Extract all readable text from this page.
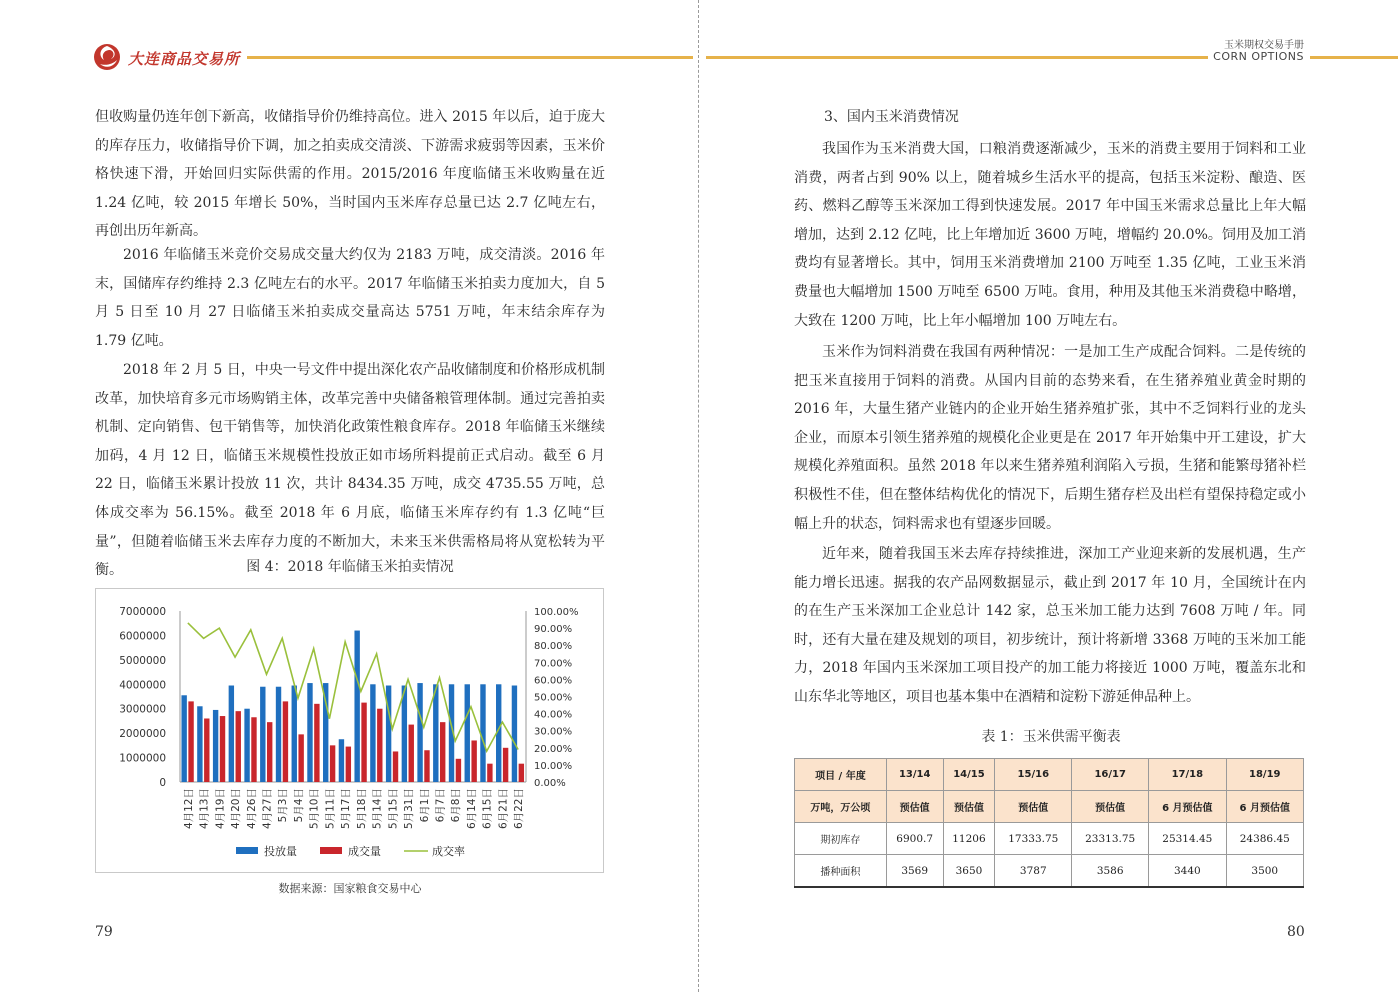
大连商品交易所
玉米期权交易手册
CORN OPTIONS

但收购量仍连年创下新高，收储指导价仍维持高位。进入 2015 年以后，迫于庞大的库存压力，收储指导价下调，加之拍卖成交清淡、下游需求疲弱等因素，玉米价格快速下滑，开始回归实际供需的作用。2015/2016 年度临储玉米收购量在近 1.24 亿吨，较 2015 年增长 50%，当时国内玉米库存总量已达 2.7 亿吨左右，再创出历年新高。

2016 年临储玉米竞价交易成交量大约仅为 2183 万吨，成交清淡。2016 年末，国储库存约维持 2.3 亿吨左右的水平。2017 年临储玉米拍卖力度加大，自 5 月 5 日至 10 月 27 日临储玉米拍卖成交量高达 5751 万吨，年末结余库存为 1.79 亿吨。

2018 年 2 月 5 日，中央一号文件中提出深化农产品收储制度和价格形成机制改革，加快培育多元市场购销主体，改革完善中央储备粮管理体制。通过完善拍卖机制、定向销售、包干销售等，加快消化政策性粮食库存。2018 年临储玉米继续加码，4 月 12 日，临储玉米规模性投放正如市场所料提前正式启动。截至 6 月 22 日，临储玉米累计投放 11 次，共计 8434.35 万吨，成交 4735.55 万吨，总体成交率为 56.15%。截至 2018 年 6 月底，临储玉米库存约有 1.3 亿吨“巨量”，但随着临储玉米去库存力度的不断加大，未来玉米供需格局将从宽松转为平衡。	图 4：2018 年临储玉米拍卖情况
0
1000000
2000000
3000000
4000000
5000000
6000000
7000000
0.00%
10.00%
20.00%
30.00%
40.00%
50.00%
60.00%
70.00%
80.00%
90.00%
100.00%
4月12日 4月13日 4月19日 4月20日 4月26日 4月27日 5月3日 5月4日 5月10日 5月11日 5月17日 5月18日 5月14日 5月15日 5月31日 6月1日 6月7日 6月8日 6月14日 6月15日 6月21日 6月22日
投放量	成交量	成交率
数据来源：国家粮食交易中心
79

3、国内玉米消费情况

我国作为玉米消费大国，口粮消费逐渐减少，玉米的消费主要用于饲料和工业消费，两者占到 90% 以上，随着城乡生活水平的提高，包括玉米淀粉、酿造、医药、燃料乙醇等玉米深加工得到快速发展。2017 年中国玉米需求总量比上年大幅增加，达到 2.12 亿吨，比上年增加近 3600 万吨，增幅约 20.0%。饲用及加工消费均有显著增长。其中，饲用玉米消费增加 2100 万吨至 1.35 亿吨，工业玉米消费量也大幅增加 1500 万吨至 6500 万吨。食用，种用及其他玉米消费稳中略增，大致在 1200 万吨，比上年小幅增加 100 万吨左右。

玉米作为饲料消费在我国有两种情况：一是加工生产成配合饲料。二是传统的把玉米直接用于饲料的消费。从国内目前的态势来看，在生猪养殖业黄金时期的 2016 年，大量生猪产业链内的企业开始生猪养殖扩张，其中不乏饲料行业的龙头企业，而原本引领生猪养殖的规模化企业更是在 2017 年开始集中开工建设，扩大规模化养殖面积。虽然 2018 年以来生猪养殖利润陷入亏损，生猪和能繁母猪补栏积极性不佳，但在整体结构优化的情况下，后期生猪存栏及出栏有望保持稳定或小幅上升的状态，饲料需求也有望逐步回暖。

近年来，随着我国玉米去库存持续推进，深加工产业迎来新的发展机遇，生产能力增长迅速。据我的农产品网数据显示，截止到 2017 年 10 月，全国统计在内的在生产玉米深加工企业总计 142 家，总玉米加工能力达到 7608 万吨 / 年。同时，还有大量在建及规划的项目，初步统计，预计将新增 3368 万吨的玉米加工能力，2018 年国内玉米深加工项目投产的加工能力将接近 1000 万吨，覆盖东北和山东华北等地区，项目也基本集中在酒精和淀粉下游延伸品种上。

表 1：玉米供需平衡表
项目 / 年度	13/14	14/15	15/16	16/17	17/18	18/19
万吨，万公顷	预估值	预估值	预估值	预估值	6 月预估值	6 月预估值
期初库存	6900.7	11206	17333.75	23313.75	25314.45	24386.45
播种面积	3569	3650	3787	3586	3440	3500
80
